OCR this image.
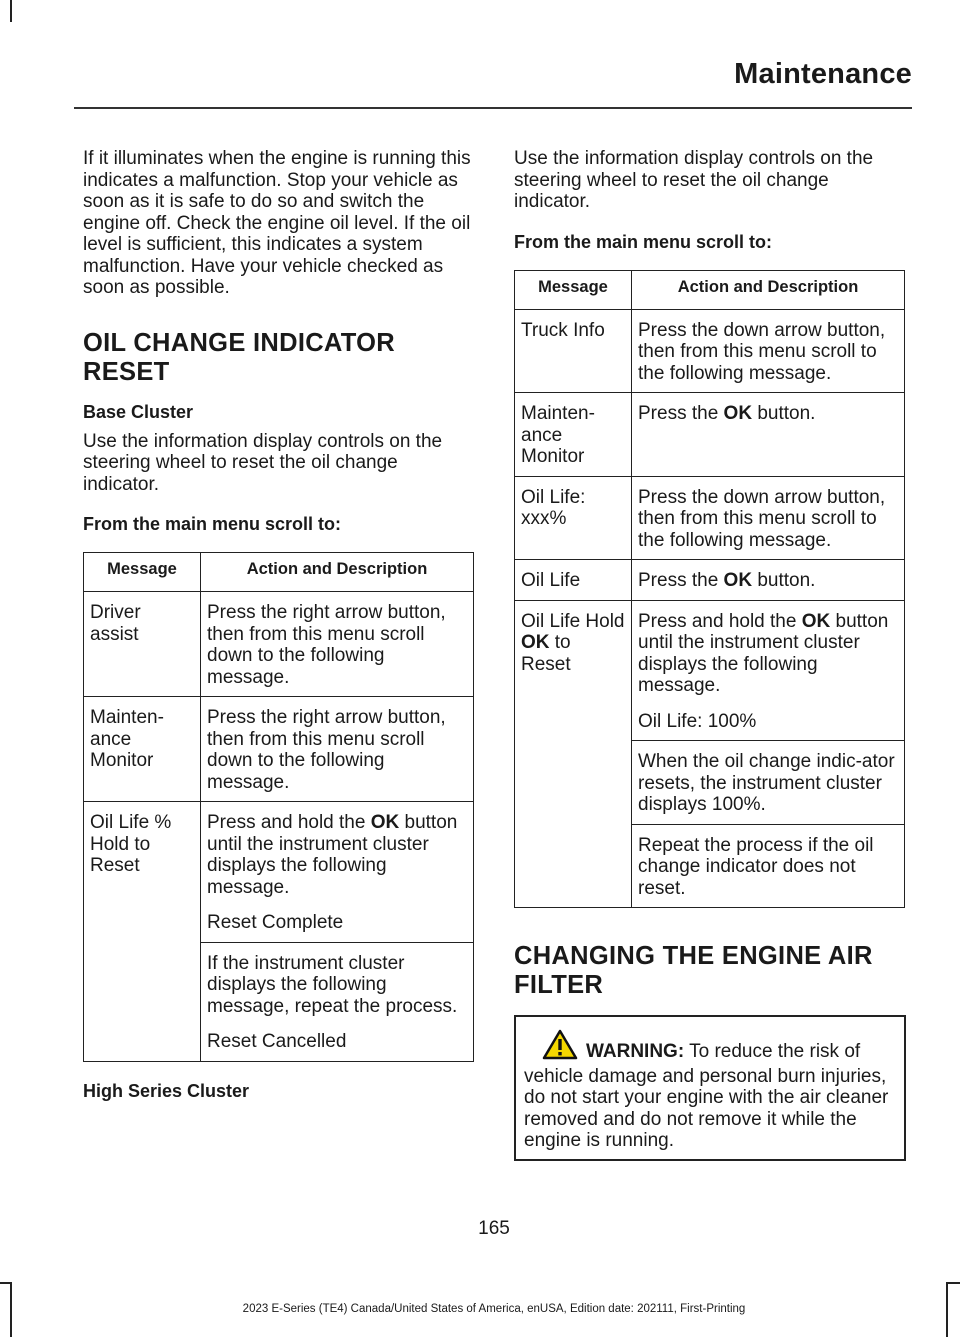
Maintenance

If it illuminates when the engine is running this indicates a malfunction. Stop your vehicle as soon as it is safe to do so and switch the engine off. Check the engine oil level. If the oil level is sufficient, this indicates a system malfunction. Have your vehicle checked as soon as possible.

OIL CHANGE INDICATOR
RESET
Base Cluster

Use the information display controls on the steering wheel to reset the oil change indicator.

From the main menu scroll to:
Message	Action and Description
Driver assist	Press the right arrow button, then from this menu scroll down to the following message.
Mainten-ance Monitor	Press the right arrow button, then from this menu scroll down to the following message.
Oil Life % Hold to Reset	Press and hold the OK button until the instrument cluster displays the following message.
Reset Complete

	If the instrument cluster displays the following message, repeat the process.
Reset Cancelled
High Series Cluster

Use the information display controls on the steering wheel to reset the oil change indicator.

From the main menu scroll to:
Message	Action and Description
Truck Info	Press the down arrow button, then from this menu scroll to the following message.
Mainten-ance Monitor	Press the OK button.
Oil Life: xxx%	Press the down arrow button, then from this menu scroll to the following message.
Oil Life	Press the OK button.
Oil Life Hold OK to Reset	Press and hold the OK button until the instrument cluster displays the following message.
Oil Life: 100%

	When the oil change indic-ator resets, the instrument cluster displays 100%.
	Repeat the process if the oil change indicator does not reset.
CHANGING THE ENGINE AIR
FILTER
WARNING: To reduce the risk of vehicle damage and personal burn injuries, do not start your engine with the air cleaner removed and do not remove it while the engine is running.
165
2023 E-Series (TE4) Canada/United States of America, enUSA, Edition date: 202111, First-Printing
